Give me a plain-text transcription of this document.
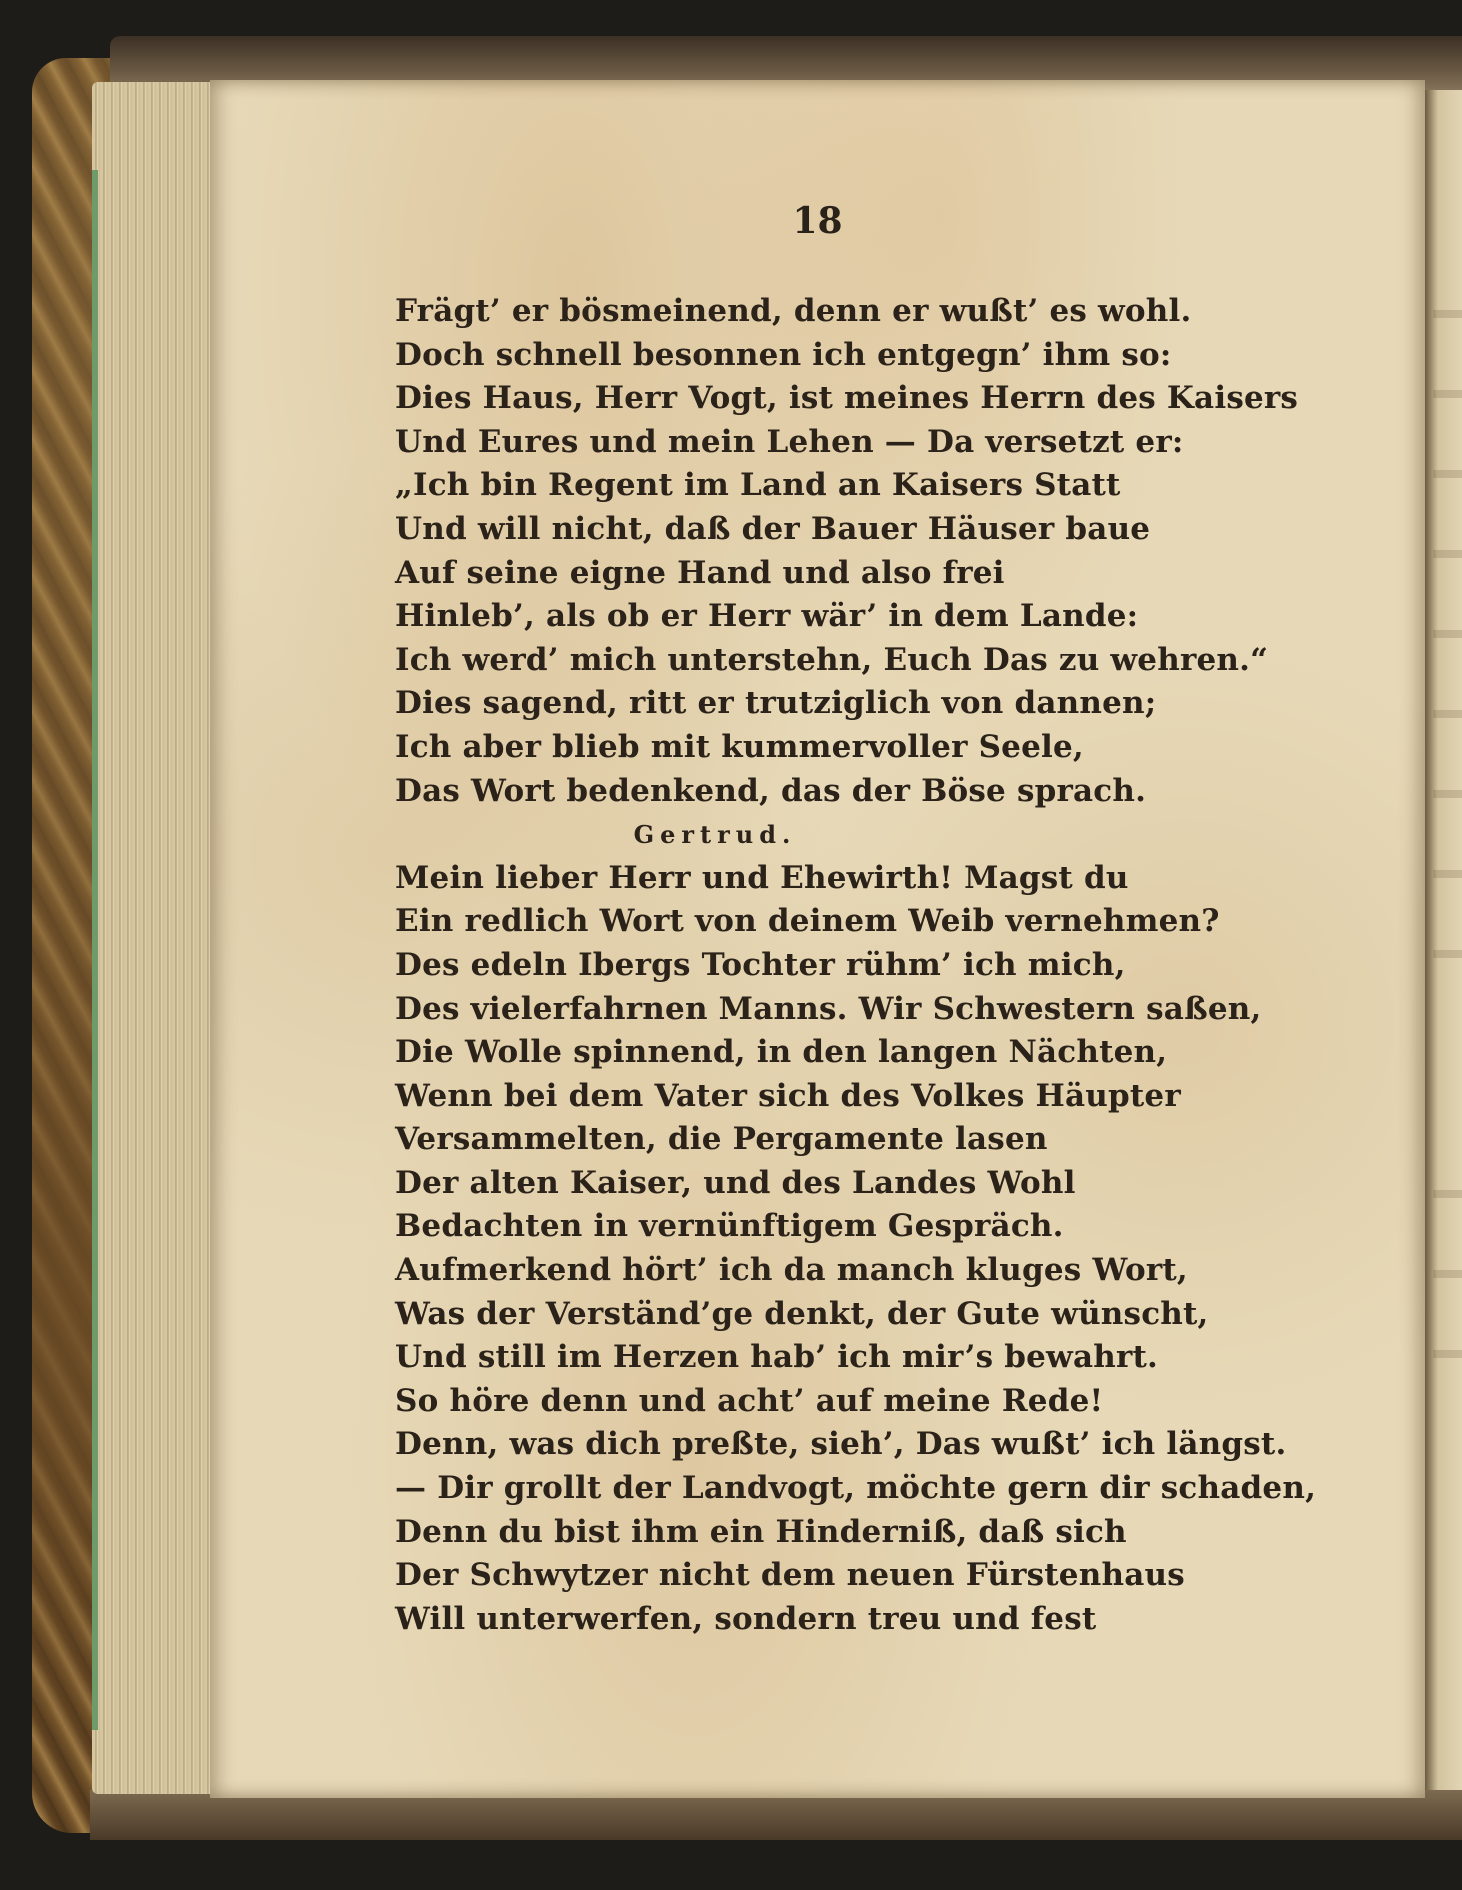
18
Frägt’ er bösmeinend, denn er wußt’ es wohl.
Doch schnell besonnen ich entgegn’ ihm so:
Dies Haus, Herr Vogt, ist meines Herrn des Kaisers
Und Eures und mein Lehen — Da versetzt er:
„Ich bin Regent im Land an Kaisers Statt
Und will nicht, daß der Bauer Häuser baue
Auf seine eigne Hand und also frei
Hinleb’, als ob er Herr wär’ in dem Lande:
Ich werd’ mich unterstehn, Euch Das zu wehren.“
Dies sagend, ritt er trutziglich von dannen;
Ich aber blieb mit kummervoller Seele,
Das Wort bedenkend, das der Böse sprach.
Gertrud.
Mein lieber Herr und Ehewirth! Magst du
Ein redlich Wort von deinem Weib vernehmen?
Des edeln Ibergs Tochter rühm’ ich mich,
Des vielerfahrnen Manns. Wir Schwestern saßen,
Die Wolle spinnend, in den langen Nächten,
Wenn bei dem Vater sich des Volkes Häupter
Versammelten, die Pergamente lasen
Der alten Kaiser, und des Landes Wohl
Bedachten in vernünftigem Gespräch.
Aufmerkend hört’ ich da manch kluges Wort,
Was der Verständ’ge denkt, der Gute wünscht,
Und still im Herzen hab’ ich mir’s bewahrt.
So höre denn und acht’ auf meine Rede!
Denn, was dich preßte, sieh’, Das wußt’ ich längst.
— Dir grollt der Landvogt, möchte gern dir schaden,
Denn du bist ihm ein Hinderniß, daß sich
Der Schwytzer nicht dem neuen Fürstenhaus
Will unterwerfen, sondern treu und fest
